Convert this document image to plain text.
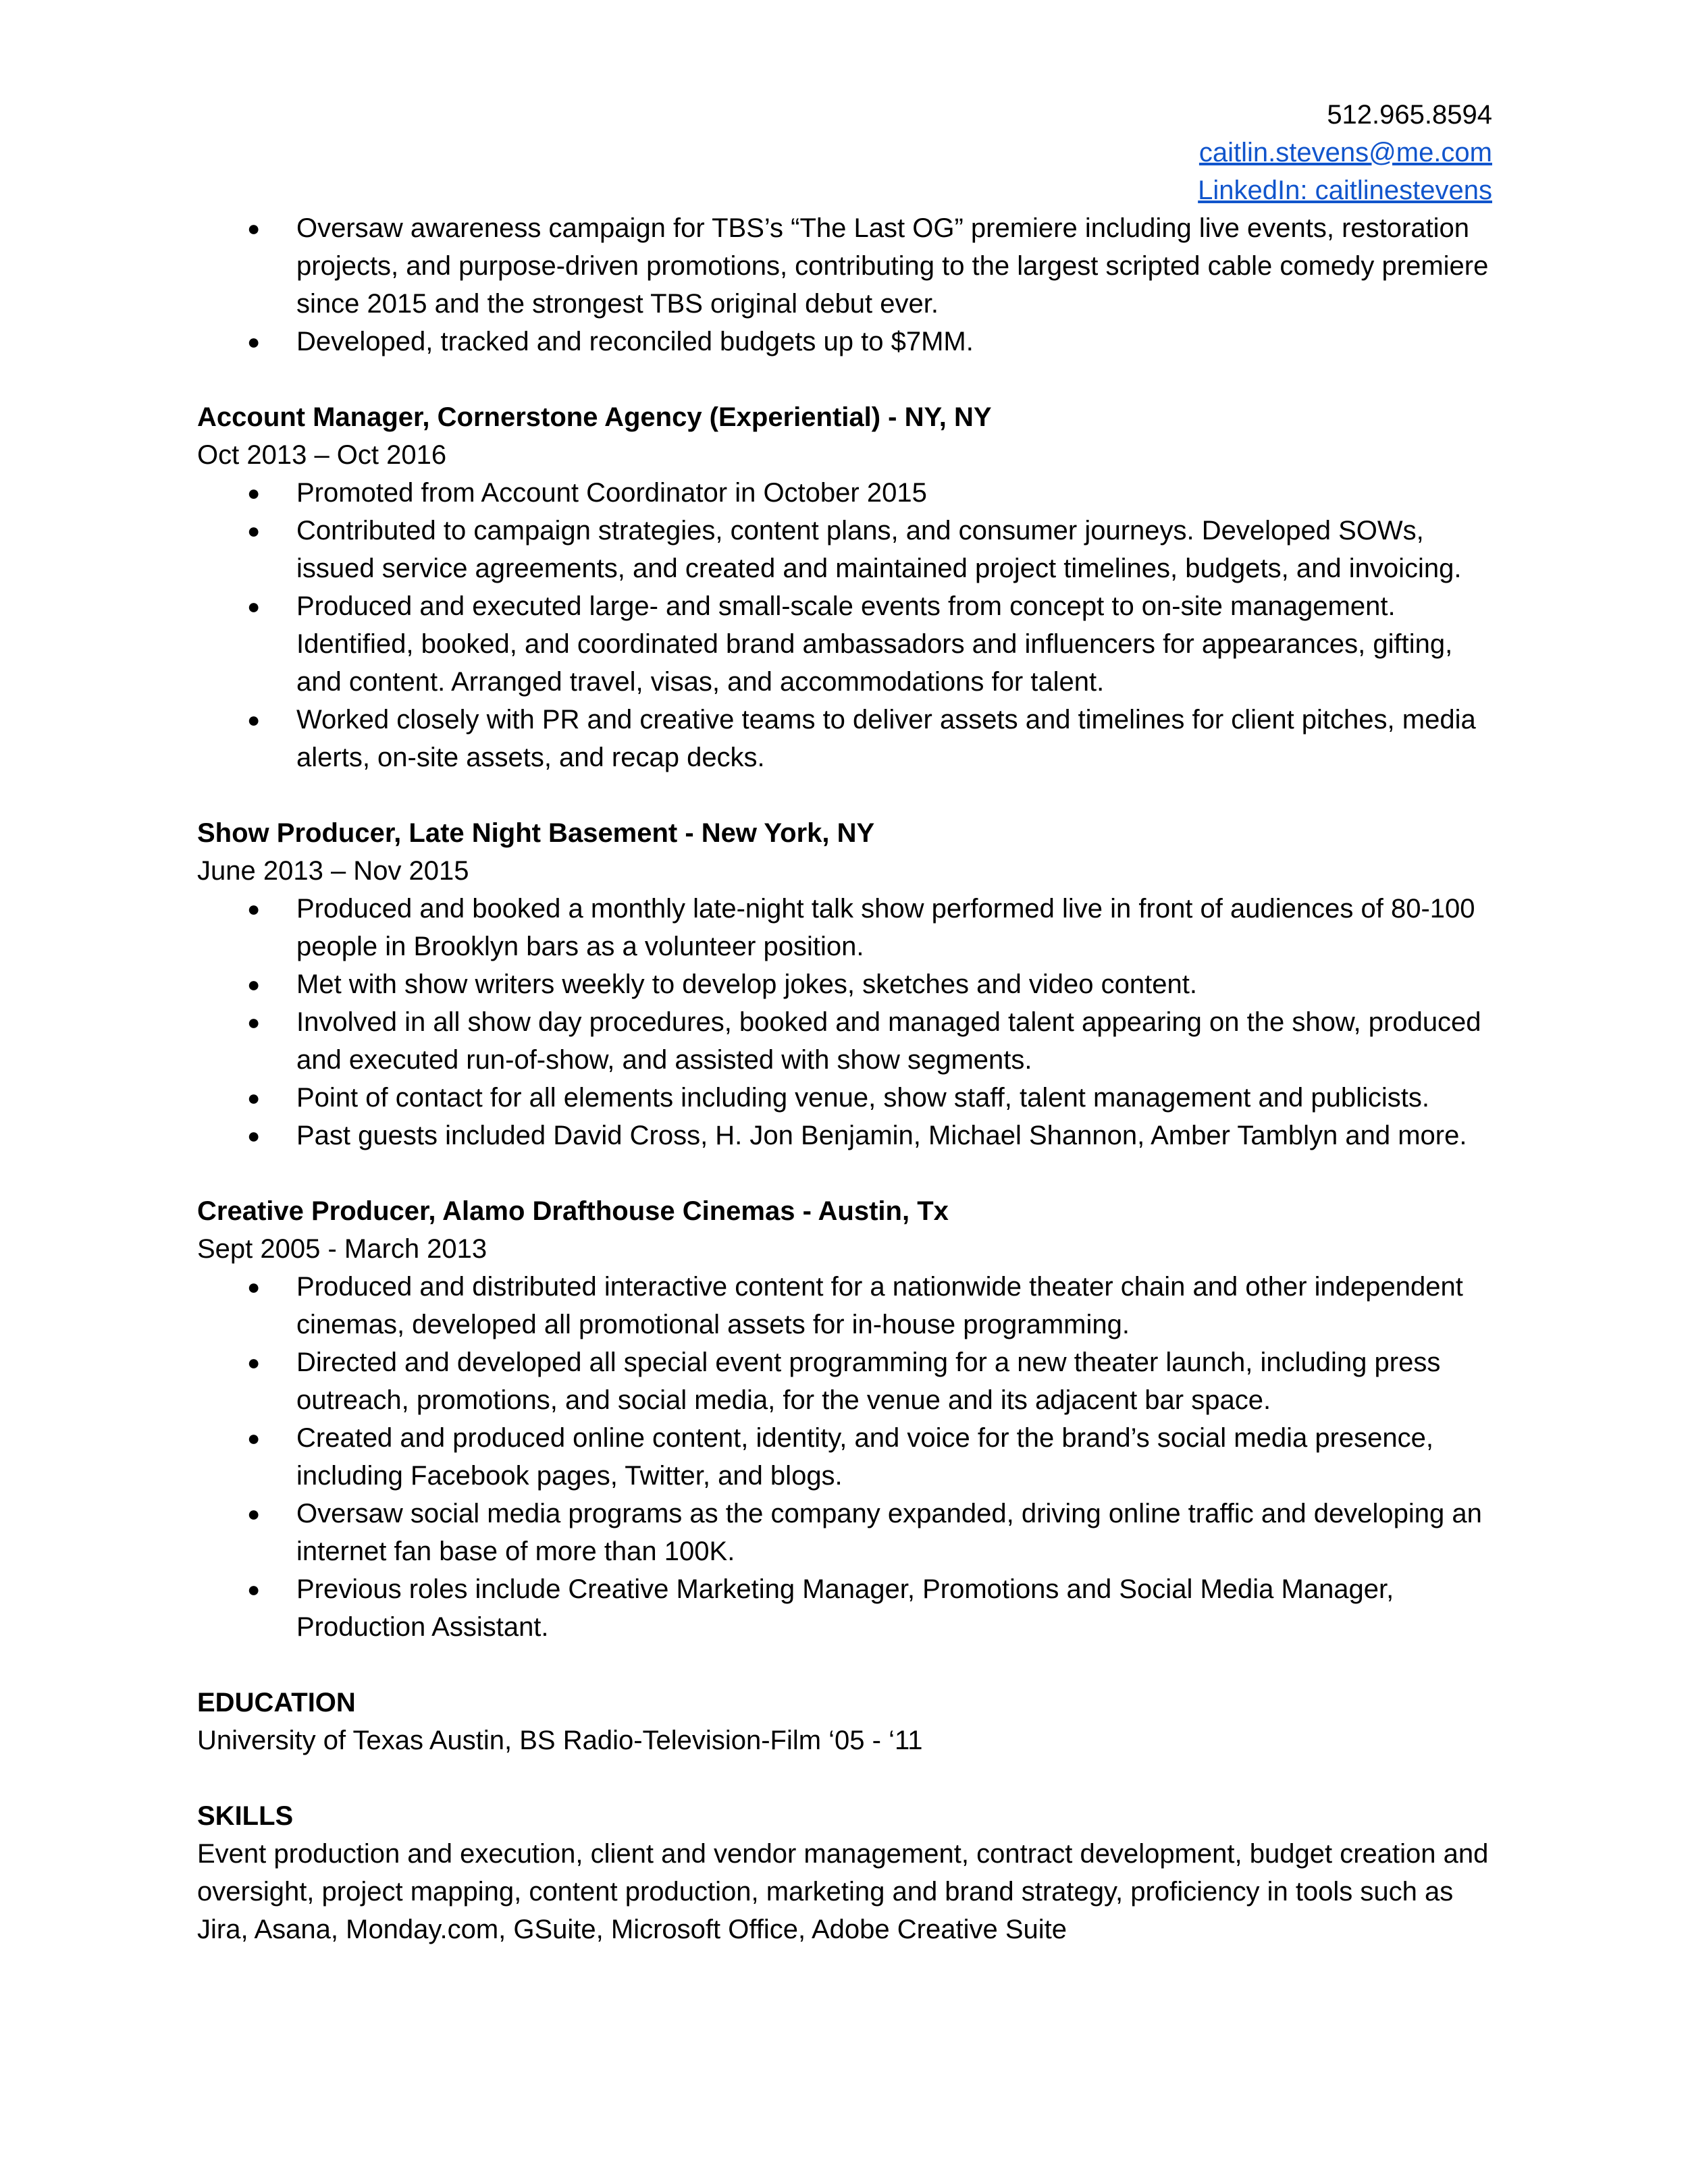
512.965.8594
caitlin.stevens@me.com
LinkedIn: caitlinestevens
● Oversaw awareness campaign for TBS’s “The Last OG” premiere including live events, restoration projects, and purpose-driven promotions, contributing to the largest scripted cable comedy premiere since 2015 and the strongest TBS original debut ever.
● Developed, tracked and reconciled budgets up to $7MM.
Account Manager, Cornerstone Agency (Experiential) - NY, NY
Oct 2013 – Oct 2016
● Promoted from Account Coordinator in October 2015
● Contributed to campaign strategies, content plans, and consumer journeys. Developed SOWs, issued service agreements, and created and maintained project timelines, budgets, and invoicing.
● Produced and executed large- and small-scale events from concept to on-site management. Identified, booked, and coordinated brand ambassadors and influencers for appearances, gifting, and content. Arranged travel, visas, and accommodations for talent.
● Worked closely with PR and creative teams to deliver assets and timelines for client pitches, media alerts, on-site assets, and recap decks.
Show Producer, Late Night Basement - New York, NY
June 2013 – Nov 2015
● Produced and booked a monthly late-night talk show performed live in front of audiences of 80-100 people in Brooklyn bars as a volunteer position.
● Met with show writers weekly to develop jokes, sketches and video content.
● Involved in all show day procedures, booked and managed talent appearing on the show, produced and executed run-of-show, and assisted with show segments.
● Point of contact for all elements including venue, show staff, talent management and publicists.
● Past guests included David Cross, H. Jon Benjamin, Michael Shannon, Amber Tamblyn and more.
Creative Producer, Alamo Drafthouse Cinemas - Austin, Tx
Sept 2005 - March 2013
● Produced and distributed interactive content for a nationwide theater chain and other independent cinemas, developed all promotional assets for in-house programming.
● Directed and developed all special event programming for a new theater launch, including press outreach, promotions, and social media, for the venue and its adjacent bar space.
● Created and produced online content, identity, and voice for the brand’s social media presence, including Facebook pages, Twitter, and blogs.
● Oversaw social media programs as the company expanded, driving online traffic and developing an internet fan base of more than 100K.
● Previous roles include Creative Marketing Manager, Promotions and Social Media Manager, Production Assistant.
EDUCATION
University of Texas Austin, BS Radio-Television-Film ‘05 - ‘11
SKILLS
Event production and execution, client and vendor management, contract development, budget creation and oversight, project mapping, content production, marketing and brand strategy, proficiency in tools such as Jira, Asana, Monday.com, GSuite, Microsoft Office, Adobe Creative Suite
